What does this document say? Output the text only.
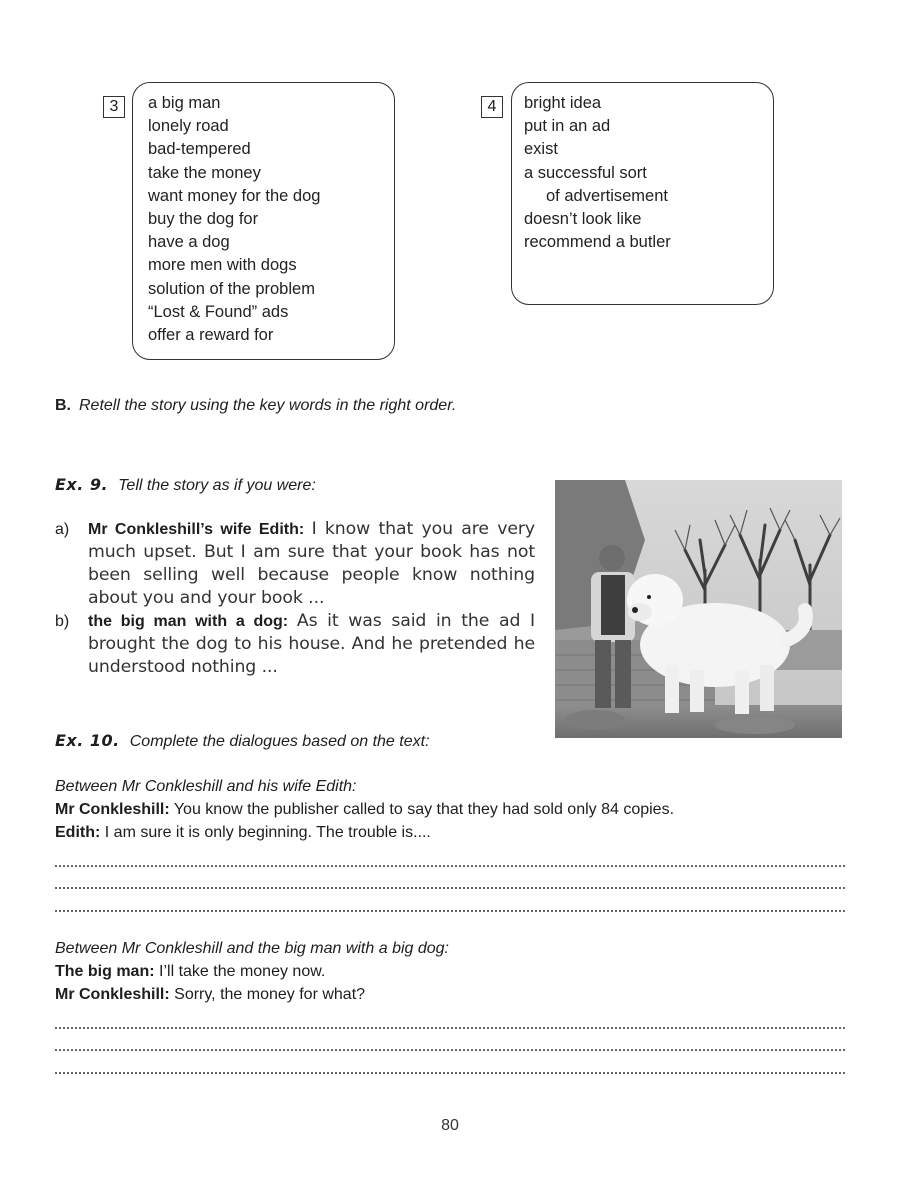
3	a big man
lonely road
bad-tempered
take the money
want money for the dog
buy the dog for
have a dog
more men with dogs
solution of the problem
“Lost & Found” ads
offer a reward for
4	bright idea
put in an ad
exist
a successful sort
of advertisement
doesn’t look like
recommend a butler
B. Retell the story using the key words in the right order.
Ex. 9. Tell the story as if you were:
a) Mr Conkleshill’s wife Edith: I know that you are very much upset. But I am sure that your book has not been selling well because people know nothing about you and your book ...
b) the big man with a dog: As it was said in the ad I brought the dog to his house. And he pretended he understood nothing ...
Ex. 10. Complete the dialogues based on the text:
Between Mr Conkleshill and his wife Edith:
Mr Conkleshill: You know the publisher called to say that they had sold only 84 copies.
Edith: I am sure it is only beginning. The trouble is....
Between Mr Conkleshill and the big man with a big dog:
The big man: I’ll take the money now.
Mr Conkleshill: Sorry, the money for what?
80
